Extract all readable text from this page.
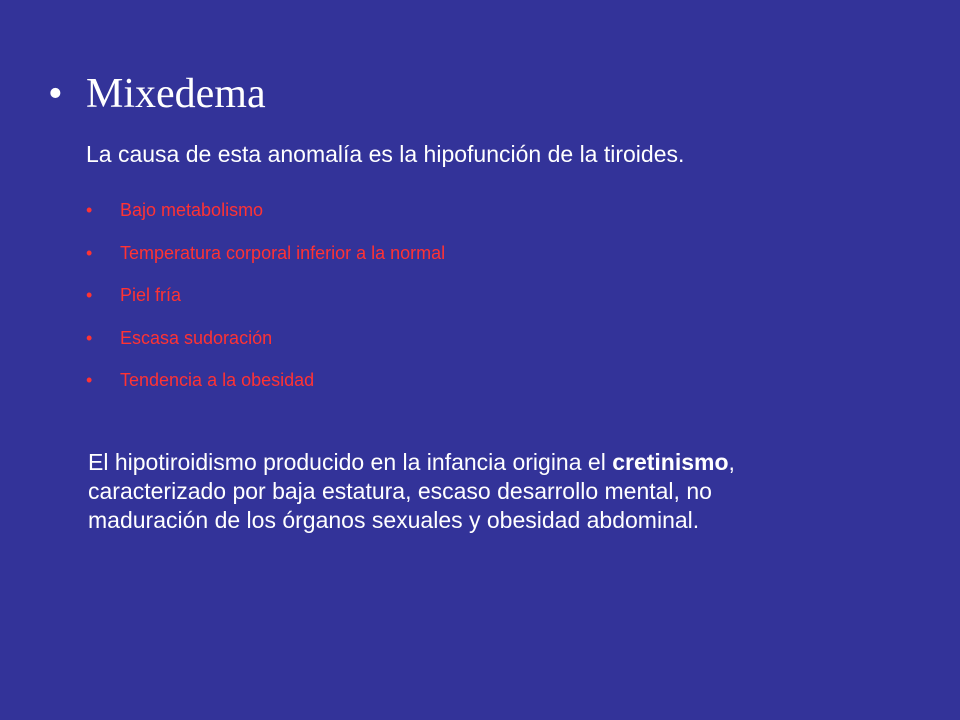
• Mixedema
La causa de esta anomalía es la hipofunción de la tiroides.
• Bajo metabolismo
• Temperatura corporal inferior a la normal
• Piel fría
• Escasa sudoración
• Tendencia a la obesidad
El hipotiroidismo producido en la infancia origina el cretinismo,
caracterizado por baja estatura, escaso desarrollo mental, no
maduración de los órganos sexuales y obesidad abdominal.
